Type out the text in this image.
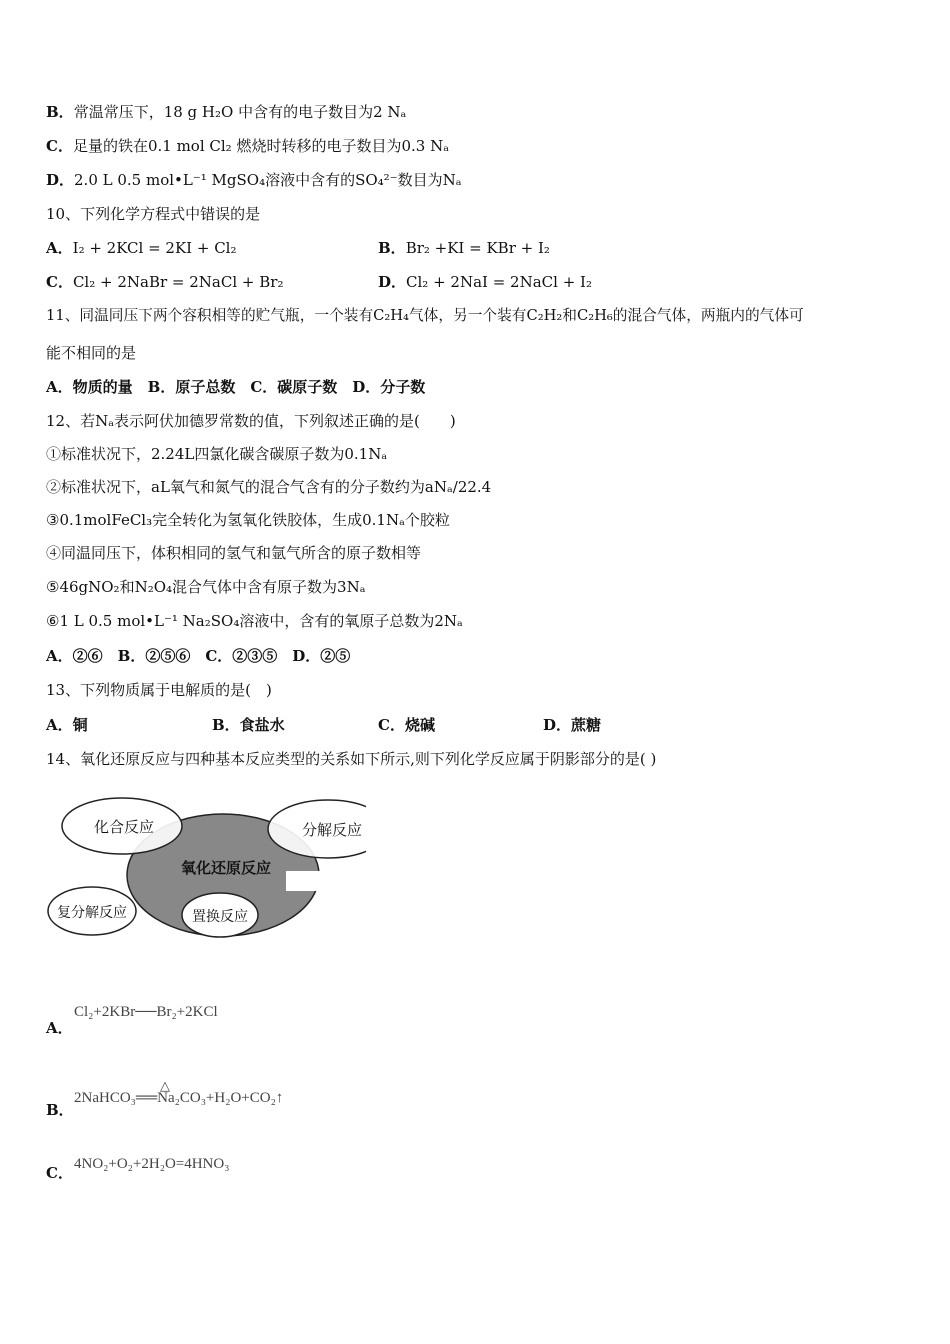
B．常温常压下，18 g H₂O 中含有的电子数目为2 Nₐ
C．足量的铁在0.1 mol Cl₂ 燃烧时转移的电子数目为0.3 Nₐ
D．2.0 L 0.5 mol•L⁻¹ MgSO₄溶液中含有的SO₄²⁻数目为Nₐ
10、下列化学方程式中错误的是
A．I₂ + 2KCl = 2KI + Cl₂	B．Br₂ +KI = KBr + I₂
C．Cl₂ + 2NaBr = 2NaCl + Br₂	D．Cl₂ + 2NaI = 2NaCl + I₂
11、同温同压下两个容积相等的贮气瓶，一个装有C₂H₄气体，另一个装有C₂H₂和C₂H₆的混合气体，两瓶内的气体可
能不相同的是
A．物质的量　B．原子总数　C．碳原子数　D．分子数
12、若Nₐ表示阿伏加德罗常数的值，下列叙述正确的是(　　)
①标准状况下，2.24L四氯化碳含碳原子数为0.1Nₐ
②标准状况下，aL氧气和氮气的混合气含有的分子数约为aNₐ/22.4
③0.1molFeCl₃完全转化为氢氧化铁胶体，生成0.1Nₐ个胶粒
④同温同压下，体积相同的氢气和氩气所含的原子数相等
⑤46gNO₂和N₂O₄混合气体中含有原子数为3Nₐ
⑥1 L 0.5 mol•L⁻¹ Na₂SO₄溶液中，含有的氧原子总数为2Nₐ
A．②⑥　B．②⑤⑥　C．②③⑤　D．②⑤
13、下列物质属于电解质的是(　)
A．铜	B．食盐水	C．烧碱	D．蔗糖
14、氧化还原反应与四种基本反应类型的关系如下所示,则下列化学反应属于阴影部分的是( )
化合反应	分解反应
氧化还原反应
复分解反应	置换反应
A．
Cl₂+2KBr──Br₂+2KCl
B．
△
2NaHCO₃══Na₂CO₃+H₂O+CO₂↑
C． 4NO₂+O₂+2H₂O=4HNO₃
